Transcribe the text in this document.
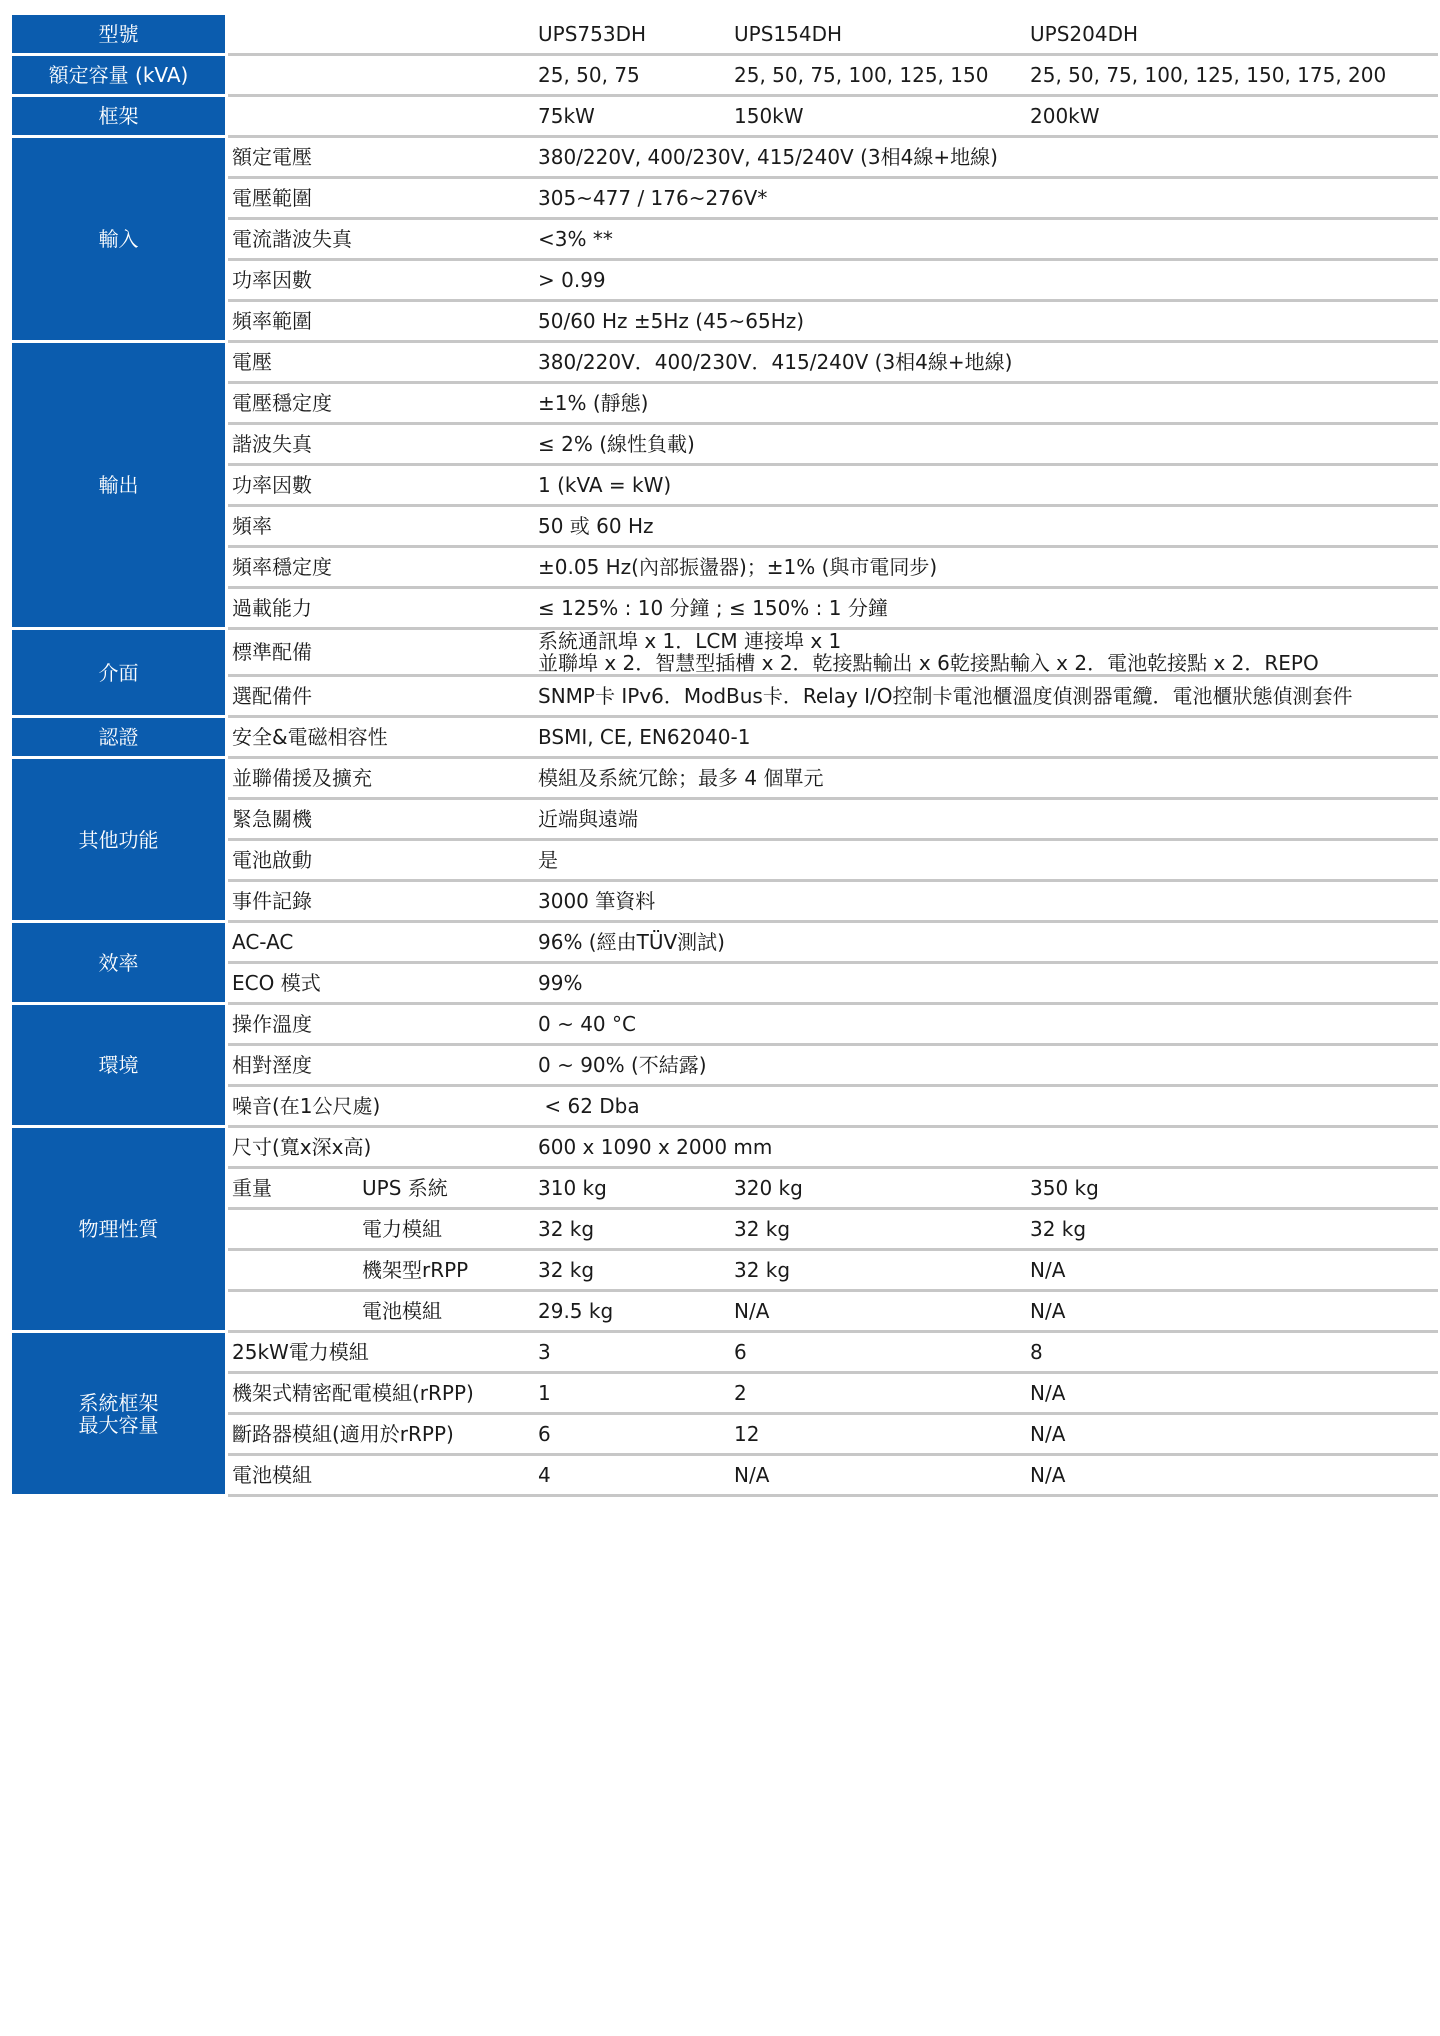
型號				UPS753DH	UPS154DH	UPS204DH
額定容量 (kVA)				25, 50, 75	25, 50, 75, 100, 125, 150	25, 50, 75, 100, 125, 150, 175, 200
框架				75kW	150kW	200kW
輸入		額定電壓		380/220V, 400/230V, 415/240V (3相4線+地線)		
		電壓範圍		305~477 / 176~276V*		
		電流諧波失真		<3% **		
		功率因數		> 0.99		
		頻率範圍		50/60 Hz ±5Hz (45~65Hz)		
輸出		電壓		380/220V．400/230V．415/240V (3相4線+地線)		
		電壓穩定度		±1% (靜態)		
		諧波失真		≤ 2% (線性負載)		
		功率因數		1 (kVA = kW)		
		頻率		50 或 60 Hz		
		頻率穩定度		±0.05 Hz(內部振盪器)；±1% (與市電同步)		
		過載能力		≤ 125% : 10 分鐘 ; ≤ 150% : 1 分鐘		
介面		標準配備		系統通訊埠 x 1．LCM 連接埠 x 1
並聯埠 x 2．智慧型插槽 x 2．乾接點輸出 x 6乾接點輸入 x 2．電池乾接點 x 2．REPO		

		選配備件		SNMP卡 IPv6．ModBus卡．Relay I/O控制卡電池櫃溫度偵測器電纜．電池櫃狀態偵測套件		
認證		安全&電磁相容性		BSMI, CE, EN62040-1		
其他功能		並聯備援及擴充		模組及系統冗餘；最多 4 個單元		
		緊急關機		近端與遠端		
		電池啟動		是		
		事件記錄		3000 筆資料		
效率		AC-AC		96% (經由TÜV測試)		
		ECO 模式		99%		
環境		操作溫度		0 ~ 40 °C		
		相對溼度		0 ~ 90% (不結露)		
		噪音(在1公尺處)		< 62 Dba		
物理性質		尺寸(寬x深x高)		600 x 1090 x 2000 mm		
		重量	UPS 系統	310 kg	320 kg	350 kg
			電力模組	32 kg	32 kg	32 kg
			機架型rRPP	32 kg	32 kg	N/A
			電池模組	29.5 kg	N/A	N/A

系統框架
最大容量		25kW電力模組		3	6	8
		機架式精密配電模組(rRPP)		1	2	N/A
		斷路器模組(適用於rRPP)		6	12	N/A
		電池模組		4	N/A	N/A
